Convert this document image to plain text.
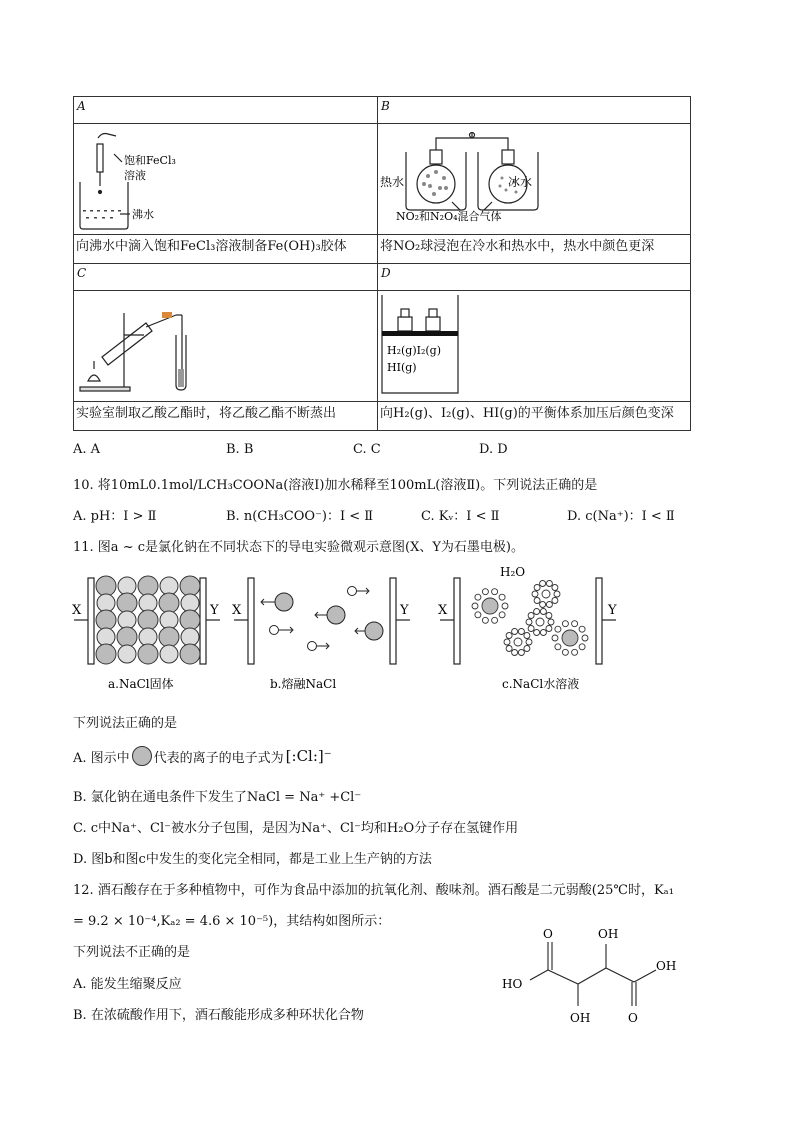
A	B
饱和FeCl₃
溶液
沸水
热水	冰水
NO₂和N₂O₄混合气体
向沸水中滴入饱和FeCl₃溶液制备Fe(OH)₃胶体	将NO₂球浸泡在冷水和热水中，热水中颜色更深
C	D
H₂(g)I₂(g)
HI(g)
实验室制取乙酸乙酯时，将乙酸乙酯不断蒸出	向H₂(g)、I₂(g)、HI(g)的平衡体系加压后颜色变深
A. A	B. B	C. C	D. D
10. 将10mL0.1mol/LCH₃COONa(溶液Ⅰ)加水稀释至100mL(溶液Ⅱ)。下列说法正确的是
A. pH：Ⅰ > Ⅱ	B. n(CH₃COO⁻)：Ⅰ < Ⅱ	C. Kᵥ：Ⅰ < Ⅱ	D. c(Na⁺)：Ⅰ < Ⅱ
11. 图a ~ c是氯化钠在不同状态下的导电实验微观示意图(X、Y为石墨电极)。
X	Y
a.NaCl固体
X	Y
b.熔融NaCl
H₂O
X	Y
c.NaCl水溶液
下列说法正确的是
A. 图示中 代表的离子的电子式为 [:Cl:]⁻
B. 氯化钠在通电条件下发生了NaCl = Na⁺ +Cl⁻
C. c中Na⁺、Cl⁻被水分子包围，是因为Na⁺、Cl⁻均和H₂O分子存在氢键作用
D. 图b和图c中发生的变化完全相同，都是工业上生产钠的方法
12. 酒石酸存在于多种植物中，可作为食品中添加的抗氧化剂、酸味剂。酒石酸是二元弱酸(25℃时，Kₐ₁
= 9.2 × 10⁻⁴,Kₐ₂ = 4.6 × 10⁻⁵)，其结构如图所示：
下列说法不正确的是
A. 能发生缩聚反应
B. 在浓硫酸作用下，酒石酸能形成多种环状化合物
O	OH
OH
HO
OH	O
